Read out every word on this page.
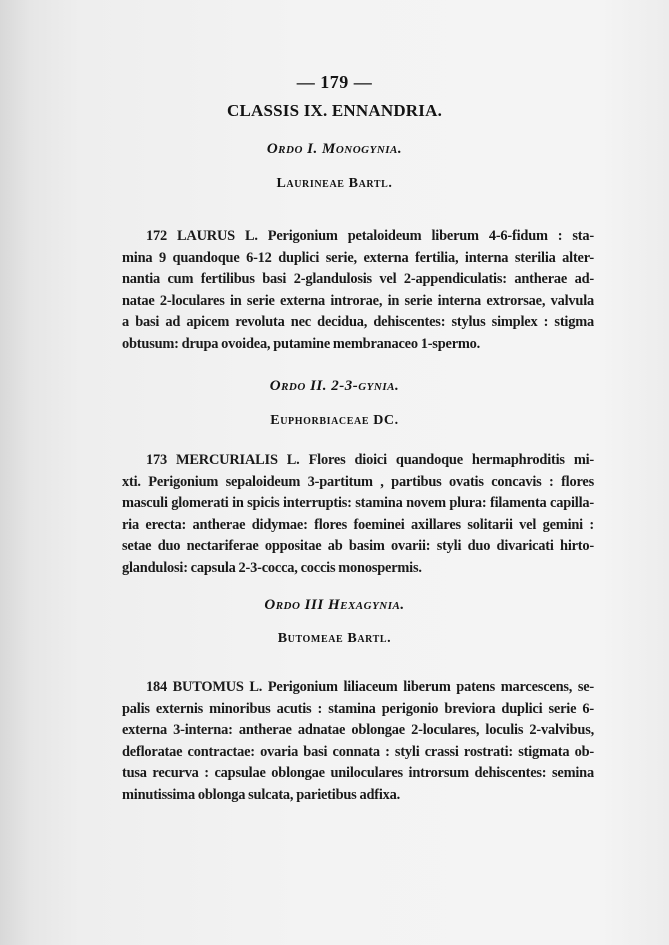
— 179 —
CLASSIS IX. ENNANDRIA.
Ordo I. Monogynia.
Laurineae Bartl.
172 LAURUS L. Perigonium petaloideum liberum 4-6-fidum : sta-
mina 9 quandoque 6-12 duplici serie, externa fertilia, interna sterilia alter-
nantia cum fertilibus basi 2-glandulosis vel 2-appendiculatis: antherae ad-
natae 2-loculares in serie externa introrae, in serie interna extrorsae, valvula
a basi ad apicem revoluta nec decidua, dehiscentes: stylus simplex : stigma
obtusum: drupa ovoidea, putamine membranaceo 1-spermo.
Ordo II. 2-3-gynia.
Euphorbiaceae DC.
173 MERCURIALIS L. Flores dioici quandoque hermaphroditis mi-
xti. Perigonium sepaloideum 3-partitum , partibus ovatis concavis : flores
masculi glomerati in spicis interruptis: stamina novem plura: filamenta capilla-
ria erecta: antherae didymae: flores foeminei axillares solitarii vel gemini :
setae duo nectariferae oppositae ab basim ovarii: styli duo divaricati hirto-
glandulosi: capsula 2-3-cocca, coccis monospermis.
Ordo III Hexagynia.
Butomeae Bartl.
184 BUTOMUS L. Perigonium liliaceum liberum patens marcescens, se-
palis externis minoribus acutis : stamina perigonio breviora duplici serie 6-
externa 3-interna: antherae adnatae oblongae 2-loculares, loculis 2-valvibus,
defloratae contractae: ovaria basi connata : styli crassi rostrati: stigmata ob-
tusa recurva : capsulae oblongae uniloculares introrsum dehiscentes: semina
minutissima oblonga sulcata, parietibus adfixa.
